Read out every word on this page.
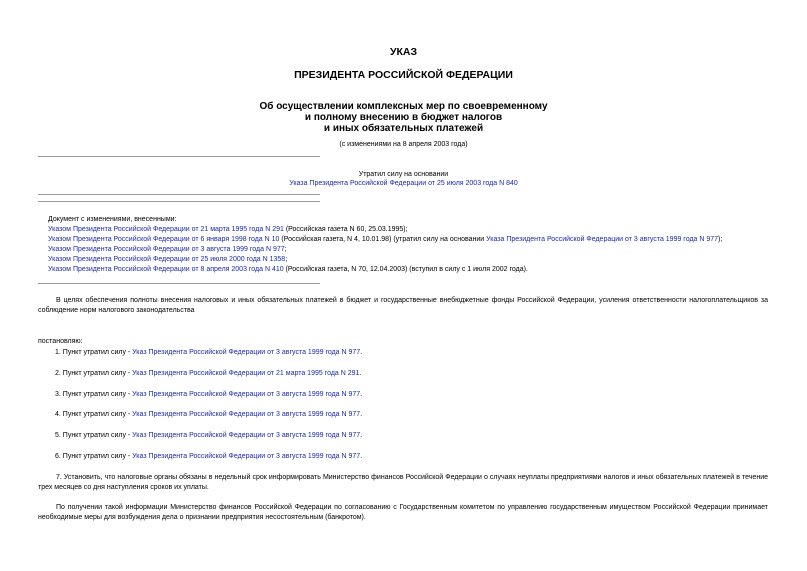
УКАЗ
ПРЕЗИДЕНТА РОССИЙСКОЙ ФЕДЕРАЦИИ
Об осуществлении комплексных мер по своевременному
и полному внесению в бюджет налогов
и иных обязательных платежей
(с изменениями на 8 апреля 2003 года)
Утратил силу на основании
Указа Президента Российской Федерации от 25 июля 2003 года N 840
Документ с изменениями, внесенными:
Указом Президента Российской Федерации от 21 марта 1995 года N 291 (Российская газета N 60, 25.03.1995);
Указом Президента Российской Федерации от 6 января 1998 года N 10 (Российская газета, N 4, 10.01.98) (утратил силу на основании Указа Президента Российской Федерации от 3 августа 1999 года N 977);
Указом Президента Российской Федерации от 3 августа 1999 года N 977;
Указом Президента Российской Федерации от 25 июля 2000 года N 1358;
Указом Президента Российской Федерации от 8 апреля 2003 года N 410 (Российская газета, N 70, 12.04.2003) (вступил в силу с 1 июля 2002 года).
В целях обеспечения полноты внесения налоговых и иных обязательных платежей в бюджет и государственные внебюджетные фонды Российской Федерации, усиления ответственности налогоплательщиков за соблюдение норм налогового законодательства
постановляю:
1. Пункт утратил силу - Указ Президента Российской Федерации от 3 августа 1999 года N 977.
2. Пункт утратил силу - Указ Президента Российской Федерации от 21 марта 1995 года N 291.
3. Пункт утратил силу - Указ Президента Российской Федерации от 3 августа 1999 года N 977.
4. Пункт утратил силу - Указ Президента Российской Федерации от 3 августа 1999 года N 977.
5. Пункт утратил силу - Указ Президента Российской Федерации от 3 августа 1999 года N 977.
6. Пункт утратил силу - Указ Президента Российской Федерации от 3 августа 1999 года N 977.
7. Установить, что налоговые органы обязаны в недельный срок информировать Министерство финансов Российской Федерации о случаях неуплаты предприятиями налогов и иных обязательных платежей в течение трех месяцев со дня наступления сроков их уплаты.
По получении такой информации Министерство финансов Российской Федерации по согласованию с Государственным комитетом по управлению государственным имуществом Российской Федерации принимает необходимые меры для возбуждения дела о признании предприятия несостоятельным (банкротом).
